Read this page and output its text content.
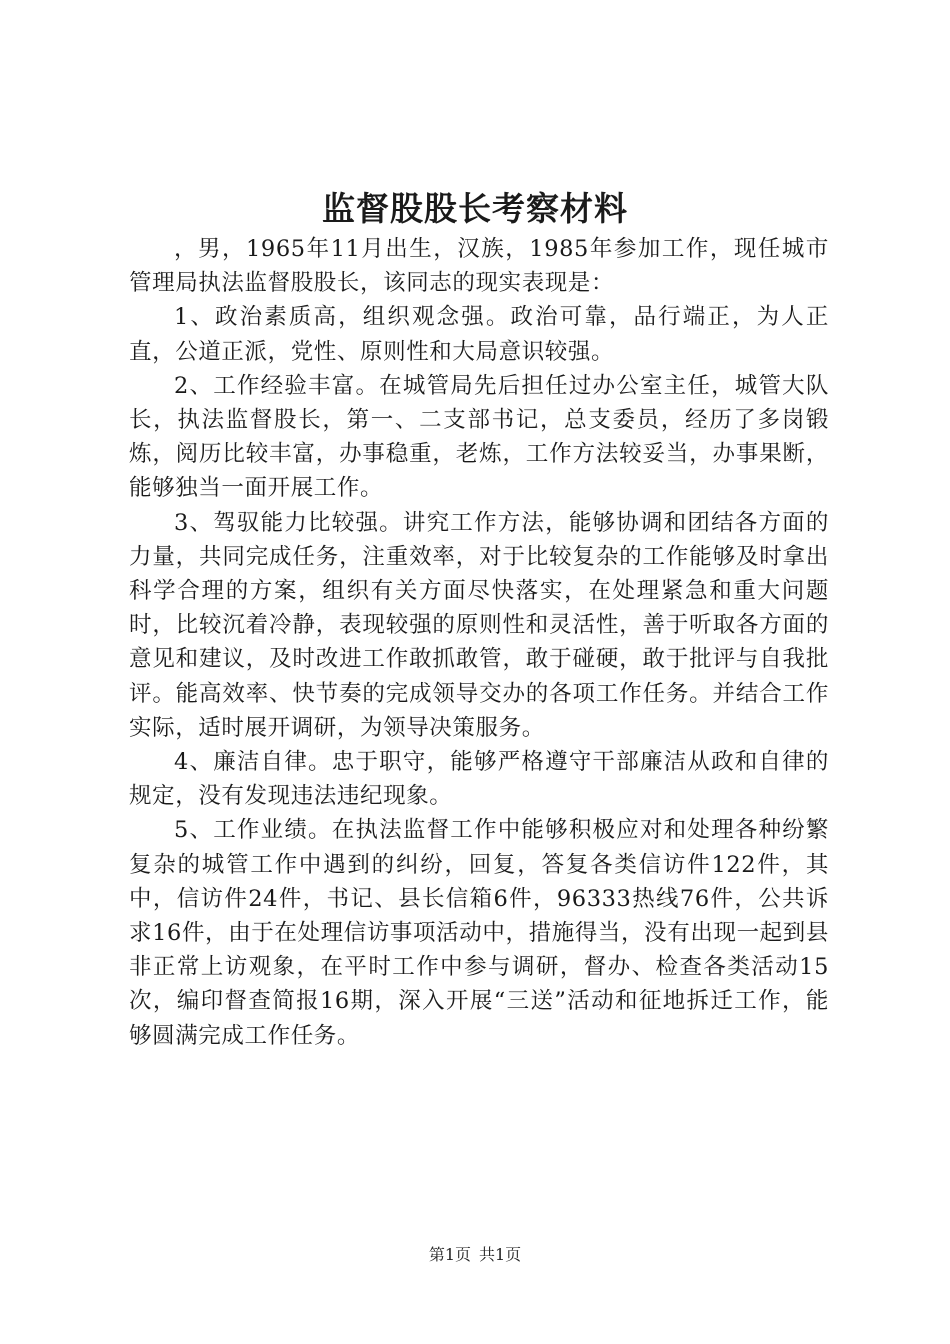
监督股股长考察材料

，男，1965年11月出生，汉族，1985年参加工作，现任城市管理局执法监督股股长，该同志的现实表现是：

1、政治素质高，组织观念强。政治可靠，品行端正，为人正直，公道正派，党性、原则性和大局意识较强。

2、工作经验丰富。在城管局先后担任过办公室主任，城管大队长，执法监督股长，第一、二支部书记，总支委员，经历了多岗锻炼，阅历比较丰富，办事稳重，老炼，工作方法较妥当，办事果断，能够独当一面开展工作。

3、驾驭能力比较强。讲究工作方法，能够协调和团结各方面的力量，共同完成任务，注重效率，对于比较复杂的工作能够及时拿出科学合理的方案，组织有关方面尽快落实，在处理紧急和重大问题时，比较沉着冷静，表现较强的原则性和灵活性，善于听取各方面的意见和建议，及时改进工作敢抓敢管，敢于碰硬，敢于批评与自我批评。能高效率、快节奏的完成领导交办的各项工作任务。并结合工作实际，适时展开调研，为领导决策服务。

4、廉洁自律。忠于职守，能够严格遵守干部廉洁从政和自律的规定，没有发现违法违纪现象。

5、工作业绩。在执法监督工作中能够积极应对和处理各种纷繁复杂的城管工作中遇到的纠纷，回复，答复各类信访件122件，其中，信访件24件，书记、县长信箱6件，96333热线76件，公共诉求16件，由于在处理信访事项活动中，措施得当，没有出现一起到县非正常上访观象，在平时工作中参与调研，督办、检查各类活动15次，编印督查简报16期，深入开展“三送”活动和征地拆迁工作，能够圆满完成工作任务。

第1页 共1页
